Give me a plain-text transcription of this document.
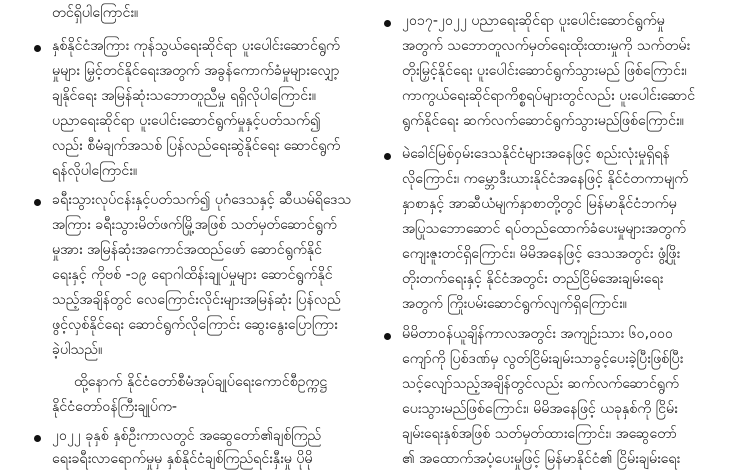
တင်ရှိပါကြောင်း။
နှစ်နိုင်ငံအကြား ကုန်သွယ်ရေးဆိုင်ရာ ပူးပေါင်းဆောင်ရွက်
မှုများ မြှင့်တင်နိုင်ရေးအတွက် အခွန်ကောက်ခံမှုများလျှော့
ချနိုင်ရေး အမြန်ဆုံးသဘောတူညီမှု ရရှိလိုပါကြောင်း။
ပညာရေးဆိုင်ရာ ပူးပေါင်းဆောင်ရွက်မှုနှင့်ပတ်သက်၍
လည်း စီမံချက်အသစ် ပြန်လည်ရေးဆွဲနိုင်ရေး ဆောင်ရွက်
ရန်လိုပါကြောင်း။
ခရီးသွားလုပ်ငန်းနှင့်ပတ်သက်၍ ပုဂံဒေသနှင့် ဆီယမ်ရိဒေသ
အကြား ခရီးသွားမိတ်ဖက်မြို့အဖြစ် သတ်မှတ်ဆောင်ရွက်
မှုအား အမြန်ဆုံးအကောင်အထည်ဖော် ဆောင်ရွက်နိုင်
ရေးနှင့် ကိုဗစ် -၁၉ ရောဂါထိန်းချုပ်မှုများ ဆောင်ရွက်နိုင်
သည့်အချိန်တွင် လေကြောင်းလိုင်းများအမြန်ဆုံး ပြန်လည်
ဖွင့်လှစ်နိုင်ရေး ဆောင်ရွက်လိုကြောင်း ဆွေးနွေးပြောကြား
ခဲ့ပါသည်။
ထို့နောက် နိုင်ငံတော်စီမံအုပ်ချုပ်ရေးကောင်စီဥက္ကဋ္ဌ
နိုင်ငံတော်ဝန်ကြီးချုပ်က-
၂၀၂၂ ခုနှစ် နှစ်ဦးကာလတွင် အဆွေတော်၏ချစ်ကြည်
ရေးခရီးလာရောက်မှုမှ နှစ်နိုင်ငံချစ်ကြည်ရင်းနှီးမှု ပိုမို
၂၀၁၇-၂၀၂၂ ပညာရေးဆိုင်ရာ ပူးပေါင်းဆောင်ရွက်မှု
အတွက် သဘောတူလက်မှတ်ရေးထိုးထားမှုကို သက်တမ်း
တိုးမြှင့်နိုင်ရေး ပူးပေါင်းဆောင်ရွက်သွားမည် ဖြစ်ကြောင်း၊
ကာကွယ်ရေးဆိုင်ရာကိစ္စရပ်များတွင်လည်း ပူးပေါင်းဆောင်
ရွက်နိုင်ရေး ဆက်လက်ဆောင်ရွက်သွားမည်ဖြစ်ကြောင်း။
မဲခေါင်မြစ်ဝှမ်းဒေသနိုင်ငံများအနေဖြင့် စည်းလုံးမှုရှိရန်
လိုကြောင်း၊ ကမ္ဘောဒီးယားနိုင်ငံအနေဖြင့် နိုင်ငံတကာမျက်
နှာစာနှင့် အာဆီယံမျက်နှာစာတို့တွင် မြန်မာနိုင်ငံဘက်မှ
အပြုသဘောဆောင် ရပ်တည်ထောက်ခံပေးမှုများအတွက်
ကျေးဇူးတင်ရှိကြောင်း၊ မိမိအနေဖြင့် ဒေသအတွင်း ဖွံ့ဖြိုး
တိုးတက်ရေးနှင့် နိုင်ငံအတွင်း တည်ငြိမ်အေးချမ်းရေး
အတွက် ကြိုးပမ်းဆောင်ရွက်လျက်ရှိကြောင်း။
မိမိတာဝန်ယူချိန်ကာလအတွင်း အကျဉ်းသား ၆၀,၀၀၀
ကျော်ကို ပြစ်ဒဏ်မှ လွတ်ငြိမ်းချမ်းသာခွင့်ပေးခဲ့ပြီးဖြစ်ပြီး
သင့်လျော်သည့်အချိန်တွင်လည်း ဆက်လက်ဆောင်ရွက်
ပေးသွားမည်ဖြစ်ကြောင်း၊ မိမိအနေဖြင့် ယခုနှစ်ကို ငြိမ်း
ချမ်းရေးနှစ်အဖြစ် သတ်မှတ်ထားကြောင်း၊ အဆွေတော်
၏ အထောက်အပံ့ပေးမှုဖြင့် မြန်မာနိုင်ငံ၏ ငြိမ်းချမ်းရေး
